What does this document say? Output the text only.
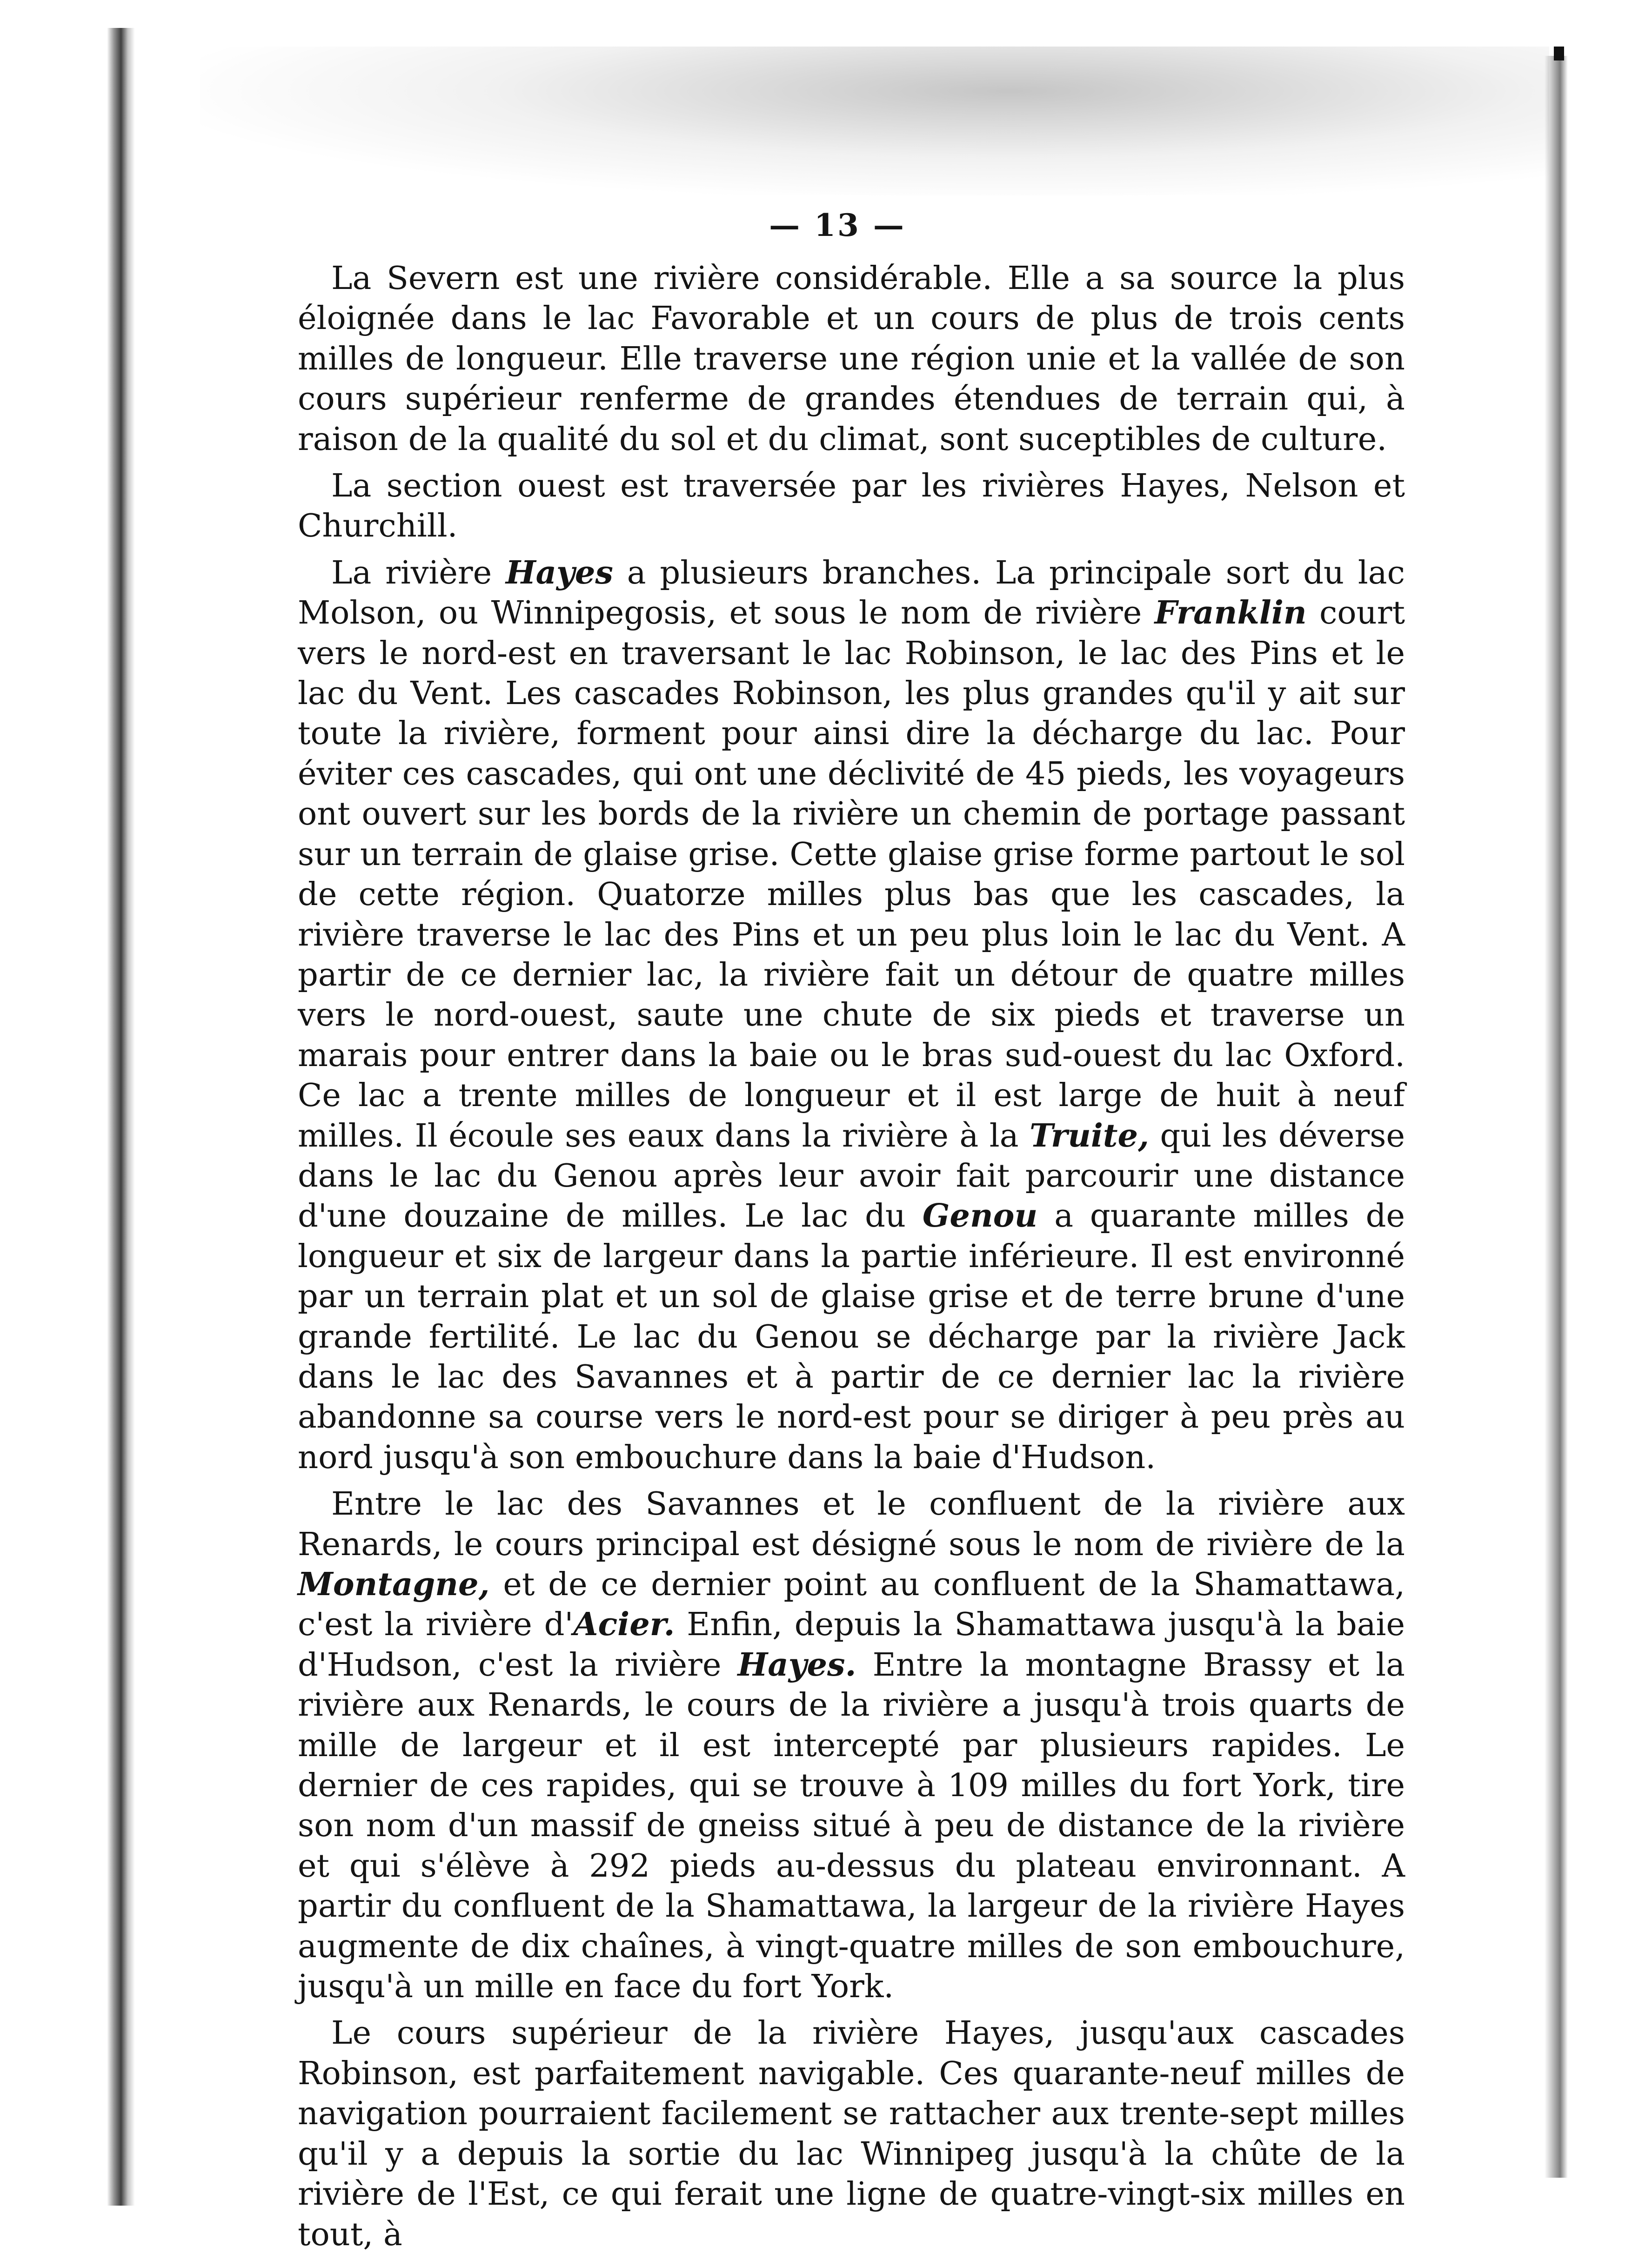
— 13 —

La Severn est une rivière considérable. Elle a sa source la plus éloignée dans le lac Favorable et un cours de plus de trois cents milles de longueur. Elle traverse une région unie et la vallée de son cours supérieur renferme de grandes étendues de terrain qui, à raison de la qualité du sol et du climat, sont suceptibles de culture.

La section ouest est traversée par les rivières Hayes, Nelson et Churchill.

La rivière Hayes a plusieurs branches. La principale sort du lac Molson, ou Winnipegosis, et sous le nom de rivière Franklin court vers le nord-est en traversant le lac Robinson, le lac des Pins et le lac du Vent. Les cascades Robinson, les plus grandes qu'il y ait sur toute la rivière, forment pour ainsi dire la décharge du lac. Pour éviter ces cascades, qui ont une déclivité de 45 pieds, les voyageurs ont ouvert sur les bords de la rivière un chemin de portage passant sur un terrain de glaise grise. Cette glaise grise forme partout le sol de cette région. Quatorze milles plus bas que les cascades, la rivière traverse le lac des Pins et un peu plus loin le lac du Vent. A partir de ce dernier lac, la rivière fait un détour de quatre milles vers le nord-ouest, saute une chute de six pieds et traverse un marais pour entrer dans la baie ou le bras sud-ouest du lac Oxford. Ce lac a trente milles de longueur et il est large de huit à neuf milles. Il écoule ses eaux dans la rivière à la Truite, qui les déverse dans le lac du Genou après leur avoir fait parcourir une distance d'une douzaine de milles. Le lac du Genou a quarante milles de longueur et six de largeur dans la partie inférieure. Il est environné par un terrain plat et un sol de glaise grise et de terre brune d'une grande fertilité. Le lac du Genou se décharge par la rivière Jack dans le lac des Savannes et à partir de ce dernier lac la rivière abandonne sa course vers le nord-est pour se diriger à peu près au nord jusqu'à son embouchure dans la baie d'Hudson.

Entre le lac des Savannes et le confluent de la rivière aux Renards, le cours principal est désigné sous le nom de rivière de la Montagne, et de ce dernier point au confluent de la Shamattawa, c'est la rivière d'Acier. Enfin, depuis la Shamattawa jusqu'à la baie d'Hudson, c'est la rivière Hayes. Entre la montagne Brassy et la rivière aux Renards, le cours de la rivière a jusqu'à trois quarts de mille de largeur et il est intercepté par plusieurs rapides. Le dernier de ces rapides, qui se trouve à 109 milles du fort York, tire son nom d'un massif de gneiss situé à peu de distance de la rivière et qui s'élève à 292 pieds au-dessus du plateau environnant. A partir du confluent de la Shamattawa, la largeur de la rivière Hayes augmente de dix chaînes, à vingt-quatre milles de son embouchure, jusqu'à un mille en face du fort York.

Le cours supérieur de la rivière Hayes, jusqu'aux cascades Robinson, est parfaitement navigable. Ces quarante-neuf milles de navigation pourraient facilement se rattacher aux trente-sept milles qu'il y a depuis la sortie du lac Winnipeg jusqu'à la chûte de la rivière de l'Est, ce qui ferait une ligne de quatre-vingt-six milles en tout, à
